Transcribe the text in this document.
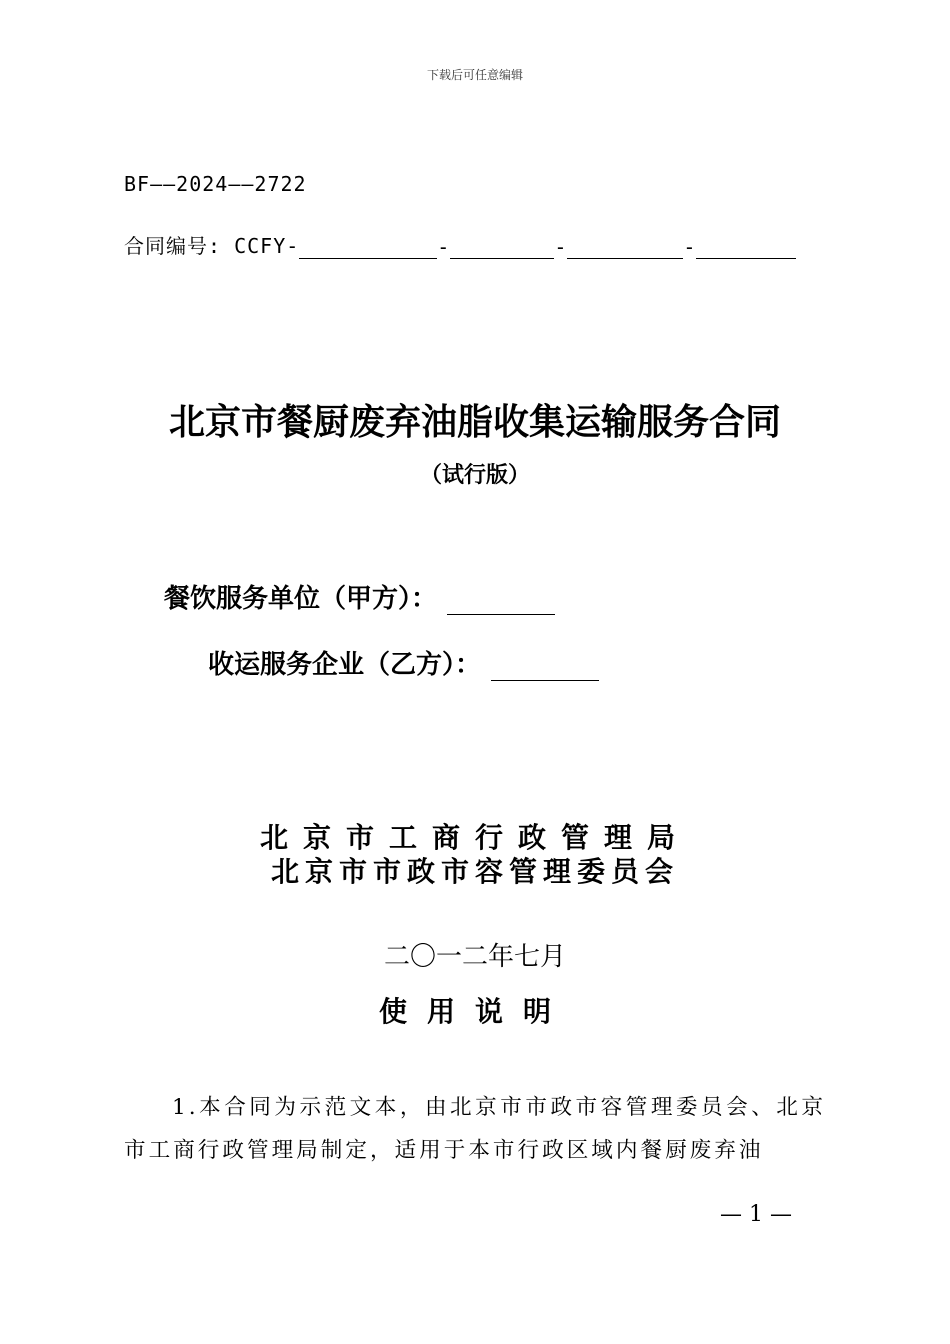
下载后可任意编辑
BF——2024——2722
合同编号: CCFY-	-	-	-
北京市餐厨废弃油脂收集运输服务合同
（试行版）
餐饮服务单位（甲方）：
收运服务企业（乙方）：
北京市工商行政管理局
北京市市政市容管理委员会
二〇一二年七月
使用说明
1.本合同为示范文本，由北京市市政市容管理委员会、北京市工商行政管理局制定，适用于本市行政区域内餐厨废弃油
— 1 —
